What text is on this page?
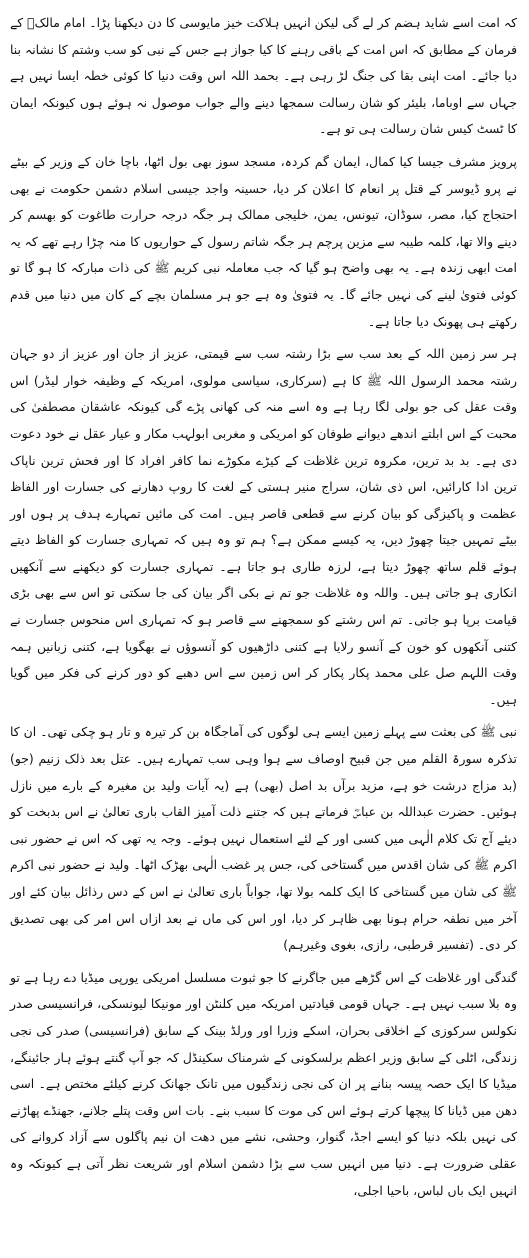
کہ امت اسے شاید ہضم کر لے گی لیکن انہیں ہلاکت خیز مایوسی کا دن دیکھنا پڑا۔ امام مالکؒ کے فرمان کے مطابق کہ اس امت کے باقی رہنے کا کیا جواز ہے جس کے نبی کو سب وشتم کا نشانہ بنا دیا جائے۔ امت اپنی بقا کی جنگ لڑ رہی ہے۔ بحمد اللہ اس وقت دنیا کا کوئی خطہ ایسا نہیں ہے جہاں سے اوباما، بلیئر کو شان رسالت سمجھا دینے والے جواب موصول نہ ہوئے ہوں کیونکہ ایمان کا ٹسٹ کیس شان رسالت ہی تو ہے۔

پرویز مشرف جیسا کیا کمال، ایمان گم کردہ، مسجد سوز بھی بول اٹھا، باچا خان کے وزیر کے بیٹے نے پرو ڈیوسر کے قتل پر انعام کا اعلان کر دیا، حسینہ واجد جیسی اسلام دشمن حکومت نے بھی احتجاج کیا، مصر، سوڈان، تیونس، یمن، خلیجی ممالک ہر جگہ درجہ حرارت طاغوت کو بھسم کر دینے والا تھا، کلمہ طیبہ سے مزین پرچم ہر جگہ شاتم رسول کے حواریوں کا منہ چڑا رہے تھے کہ یہ امت ابھی زندہ ہے۔ یہ بھی واضح ہو گیا کہ جب معاملہ نبی کریم ﷺ کی ذات مبارکہ کا ہو گا تو کوئی فتویٰ لینے کی نہیں جائے گا۔ یہ فتویٰ وہ ہے جو ہر مسلمان بچے کے کان میں دنیا میں قدم رکھتے ہی پھونک دیا جاتا ہے۔

ہر سر زمین اللہ کے بعد سب سے بڑا رشتہ سب سے قیمتی، عزیز از جان اور عزیز از دو جہان رشتہ محمد الرسول اللہ ﷺ کا ہے (سرکاری، سیاسی مولوی، امریکہ کے وظیفہ خوار لیڈر) اس وقت عقل کی جو بولی لگا رہا ہے وہ اسے منہ کی کھانی پڑے گی کیونکہ عاشقان مصطفیٰ کی محبت کے اس ابلتے اندھے دیوانے طوفان کو امریکی و مغربی ابولہب مکار و عیار عقل نے خود دعوت دی ہے۔ بد بد ترین، مکروہ ترین غلاظت کے کیڑے مکوڑے نما کافر افراد کا اور فحش ترین ناپاک ترین ادا کارائیں، اس ذی شان، سراج منیر ہستی کے لغت کا روپ دھارنے کی جسارت اور الفاظ عظمت و پاکیزگی کو بیان کرنے سے قطعی قاصر ہیں۔ امت کی مائیں تمہارے ہدف پر ہوں اور بیٹے تمہیں جیتا چھوڑ دیں، یہ کیسے ممکن ہے؟ ہم تو وہ ہیں کہ تمہاری جسارت کو الفاظ دیتے ہوئے قلم ساتھ چھوڑ دیتا ہے، لرزہ طاری ہو جاتا ہے۔ تمہاری جسارت کو دیکھنے سے آنکھیں انکاری ہو جاتی ہیں۔ واللہ وہ غلاظت جو تم نے بکی اگر بیان کی جا سکتی تو اس سے بھی بڑی قیامت برپا ہو جاتی۔ تم اس رشتے کو سمجھنے سے قاصر ہو کہ تمہاری اس منحوس جسارت نے کتنی آنکھوں کو خون کے آنسو رلایا ہے کتنی داڑھیوں کو آنسوؤں نے بھگویا ہے، کتنی زبانیں ہمہ وقت اللہم صل علی محمد پکار پکار کر اس زمین سے اس دھبے کو دور کرنے کی فکر میں گویا ہیں۔

نبی ﷺ کی بعثت سے پہلے زمین ایسے ہی لوگوں کی آماجگاہ بن کر تیرہ و تار ہو چکی تھی۔ ان کا تذکرہ سورۃ القلم میں جن قبیح اوصاف سے ہوا وہی سب تمہارے ہیں۔ عتل بعد ذلک زنیم (جو) (بد مزاج درشت خو ہے، مزید برآں بد اصل (بھی) ہے (یہ آیات ولید بن مغیرہ کے بارے میں نازل ہوئیں۔ حضرت عبداللہ بن عباسؓ فرماتے ہیں کہ جتنے ذلت آمیز القاب باری تعالیٰ نے اس بدبخت کو دیئے آج تک کلام الٰہی میں کسی اور کے لئے استعمال نہیں ہوئے۔ وجہ یہ تھی کہ اس نے حضور نبی اکرم ﷺ کی شان اقدس میں گستاخی کی، جس پر غضب الٰہی بھڑک اٹھا۔ ولید نے حضور نبی اکرم ﷺ کی شان میں گستاخی کا ایک کلمہ بولا تھا، جواباً باری تعالیٰ نے اس کے دس رذائل بیان کئے اور آخر میں نطفہ حرام ہونا بھی ظاہر کر دیا، اور اس کی ماں نے بعد ازاں اس امر کی بھی تصدیق کر دی۔ (تفسیر قرطبی، رازی، بغوی وغیرہم)

گندگی اور غلاظت کے اس گڑھے میں جاگرنے کا جو ثبوت مسلسل امریکی یورپی میڈیا دے رہا ہے تو وہ بلا سبب نہیں ہے۔ جہاں قومی قیادتیں امریکہ میں کلنٹن اور مونیکا لیونسکی، فرانسیسی صدر نکولس سرکوزی کے اخلاقی بحران، اسکے وزرا اور ورلڈ بینک کے سابق (فرانسیسی) صدر کی نجی زندگی، اٹلی کے سابق وزیر اعظم برلسکونی کے شرمناک سکینڈل کہ جو آپ گنتے ہوئے ہار جائینگے، میڈیا کا ایک حصہ پیسہ بنانے پر ان کی نجی زندگیوں میں تانک جھانک کرنے کیلئے مختص ہے۔ اسی دھن میں ڈیانا کا پیچھا کرتے ہوئے اس کی موت کا سبب بنے۔ بات اس وقت پتلے جلانے، جھنڈے پھاڑنے کی نہیں بلکہ دنیا کو ایسے اجڈ، گنوار، وحشی، نشے میں دھت ان نیم پاگلوں سے آزاد کروانے کی عقلی ضرورت ہے۔ دنیا میں انہیں سب سے بڑا دشمن اسلام اور شریعت نظر آتی ہے کیونکہ وہ انہیں ایک باں لباس، باحیا اجلی،
